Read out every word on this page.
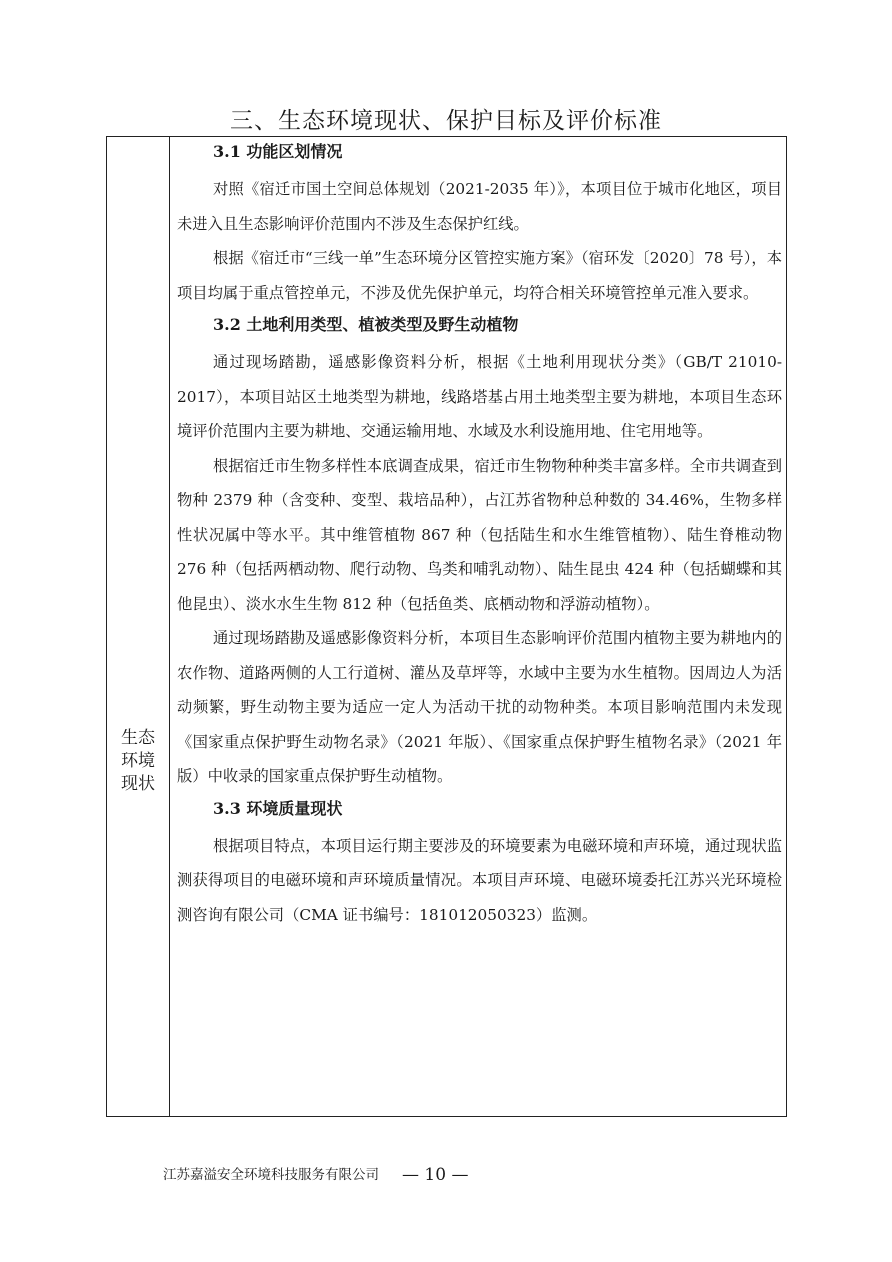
三、生态环境现状、保护目标及评价标准
生态环境现状
3.1 功能区划情况

对照《宿迁市国土空间总体规划（2021-2035 年）》，本项目位于城市化地区，项目未进入且生态影响评价范围内不涉及生态保护红线。

根据《宿迁市“三线一单”生态环境分区管控实施方案》（宿环发〔2020〕78 号），本项目均属于重点管控单元，不涉及优先保护单元，均符合相关环境管控单元准入要求。

3.2 土地利用类型、植被类型及野生动植物

通过现场踏勘，遥感影像资料分析，根据《土地利用现状分类》（GB/T 21010-2017），本项目站区土地类型为耕地，线路塔基占用土地类型主要为耕地，本项目生态环境评价范围内主要为耕地、交通运输用地、水域及水利设施用地、住宅用地等。

根据宿迁市生物多样性本底调查成果，宿迁市生物物种种类丰富多样。全市共调查到物种 2379 种（含变种、变型、栽培品种），占江苏省物种总种数的 34.46%，生物多样性状况属中等水平。其中维管植物 867 种（包括陆生和水生维管植物）、陆生脊椎动物 276 种（包括两栖动物、爬行动物、鸟类和哺乳动物）、陆生昆虫 424 种（包括蝴蝶和其他昆虫）、淡水水生生物 812 种（包括鱼类、底栖动物和浮游动植物）。

通过现场踏勘及遥感影像资料分析，本项目生态影响评价范围内植物主要为耕地内的农作物、道路两侧的人工行道树、灌丛及草坪等，水域中主要为水生植物。因周边人为活动频繁，野生动物主要为适应一定人为活动干扰的动物种类。本项目影响范围内未发现《国家重点保护野生动物名录》（2021 年版）、《国家重点保护野生植物名录》（2021 年版）中收录的国家重点保护野生动植物。

3.3 环境质量现状

根据项目特点，本项目运行期主要涉及的环境要素为电磁环境和声环境，通过现状监测获得项目的电磁环境和声环境质量情况。本项目声环境、电磁环境委托江苏兴光环境检测咨询有限公司（CMA 证书编号：181012050323）监测。

江苏嘉溢安全环境科技服务有限公司 — 10 —
